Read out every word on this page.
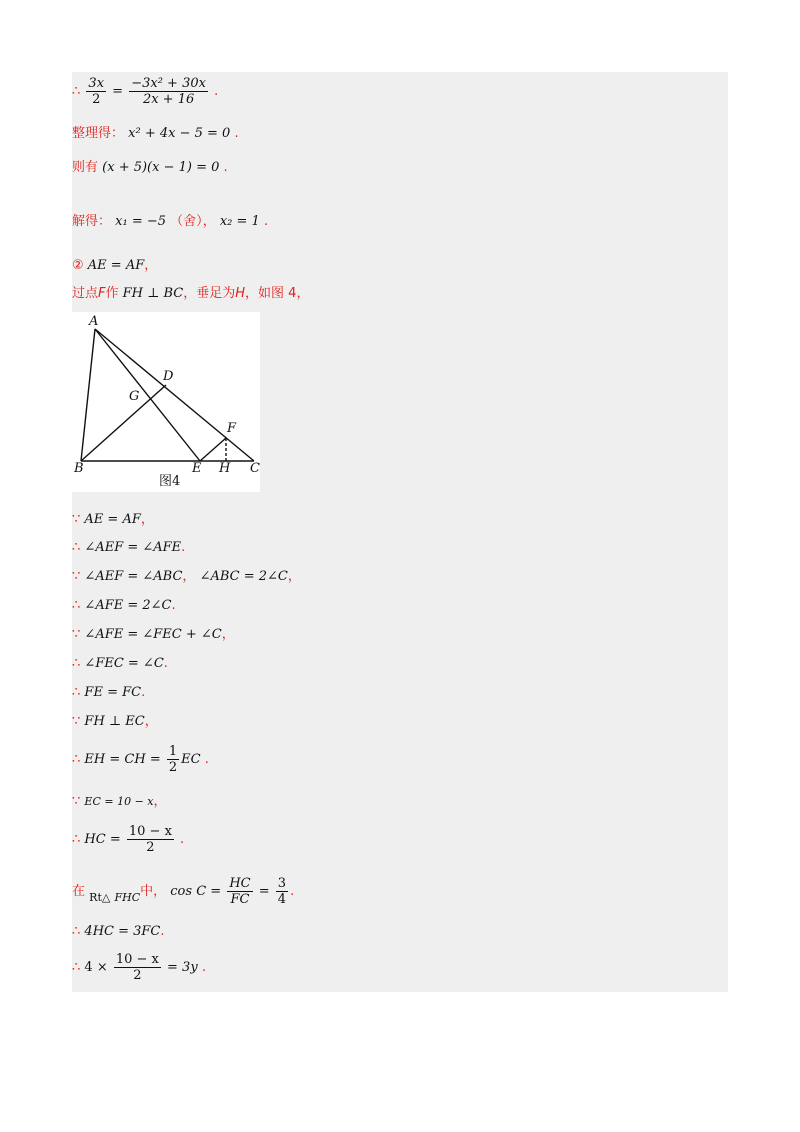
∴ $\frac{3x}{2} = \frac{\text{−3x² + 30x}}{2x + 16}$ .
整理得： x² + 4x − 5 = 0 .
则有 (x + 5)(x − 1) = 0 .
解得： x₁ = −5 （舍）， x₂ = 1 .
② AE = AF，
过点F作 FH ⊥ BC，垂足为H，如图 4，
A
B	C
D
E
F
G
H
图4
∵ AE = AF，
∴ ∠AEF = ∠AFE.
∵ ∠AEF = ∠ABC， ∠ABC = 2∠C，
∴ ∠AFE = 2∠C.
∵ ∠AFE = ∠FEC + ∠C，
∴ ∠FEC = ∠C.
∴ FE = FC.
∵ FH ⊥ EC，
∴ EH = CH = $\frac{1}{2}$ EC .
∵ EC = 10 − x，
∴ HC = $\frac{10 - x}{2}$ .
在 $_{Rt\triangle}$ $_{FHC}$中， $\cos C = \frac{HC}{FC} = \frac{3}{4}$ .
∴ 4HC = 3FC.
∴ $4 \times \frac{10 - x}{2} = 3y$ .
